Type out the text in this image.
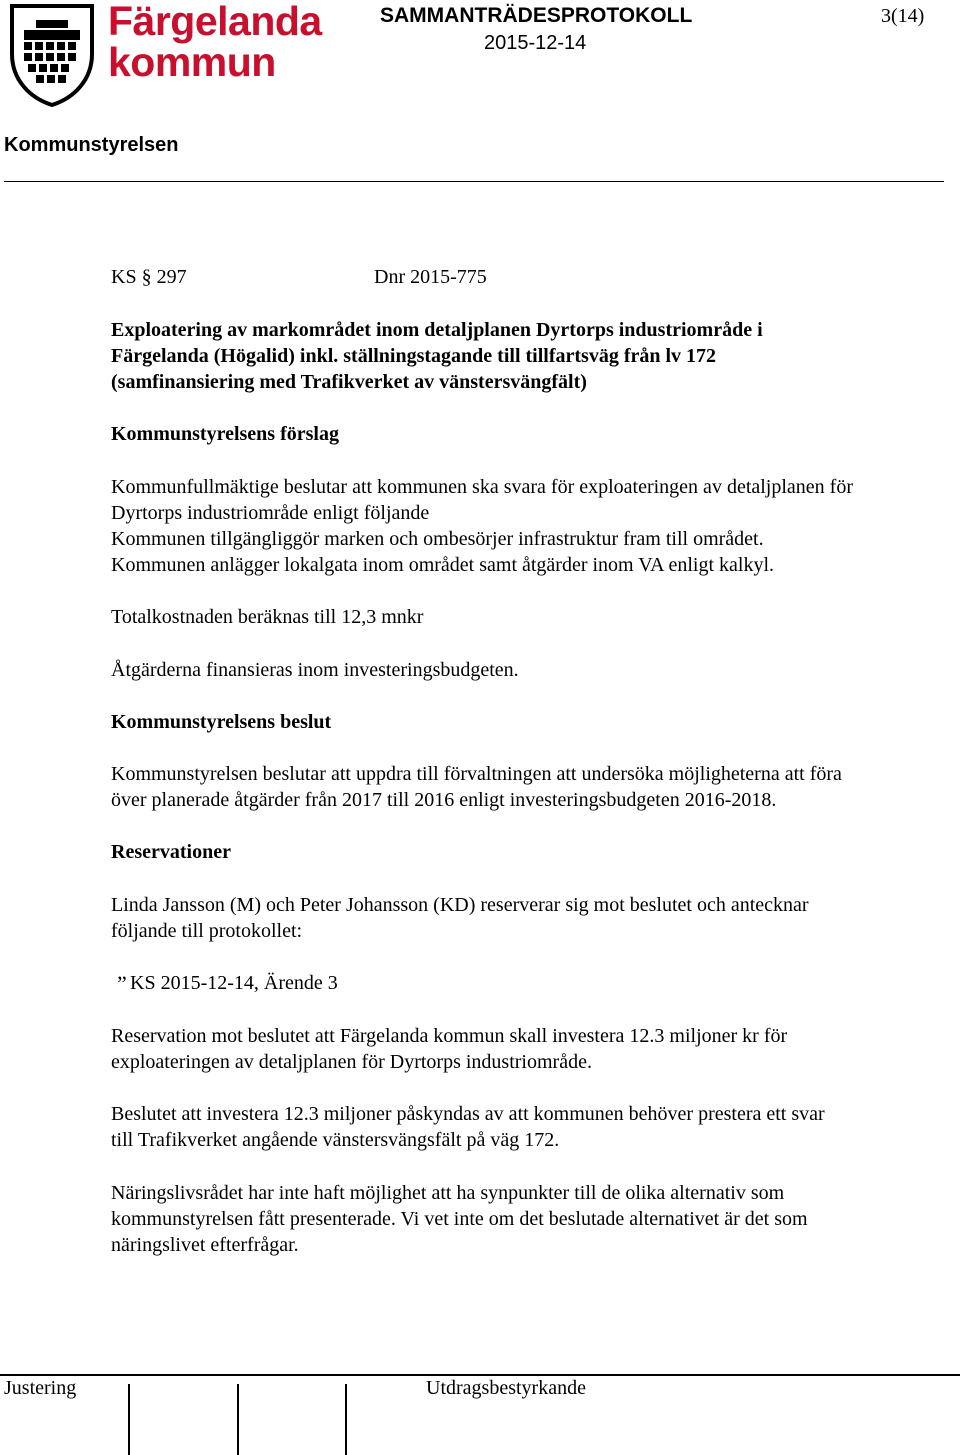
Färgelanda
kommun
SAMMANTRÄDESPROTOKOLL
2015-12-14
3(14)
Kommunstyrelsen
KS § 297	Dnr 2015-775
Exploatering av markområdet inom detaljplanen Dyrtorps industriområde i
Färgelanda (Högalid) inkl. ställningstagande till tillfartsväg från lv 172
(samfinansiering med Trafikverket av vänstersvängfält)
Kommunstyrelsens förslag
Kommunfullmäktige beslutar att kommunen ska svara för exploateringen av detaljplanen för
Dyrtorps industriområde enligt följande
Kommunen tillgängliggör marken och ombesörjer infrastruktur fram till området.
Kommunen anlägger lokalgata inom området samt åtgärder inom VA enligt kalkyl.
Totalkostnaden beräknas till 12,3 mnkr
Åtgärderna finansieras inom investeringsbudgeten.
Kommunstyrelsens beslut
Kommunstyrelsen beslutar att uppdra till förvaltningen att undersöka möjligheterna att föra
över planerade åtgärder från 2017 till 2016 enligt investeringsbudgeten 2016-2018.
Reservationer
Linda Jansson (M) och Peter Johansson (KD) reserverar sig mot beslutet och antecknar
följande till protokollet:
” KS 2015-12-14, Ärende 3
Reservation mot beslutet att Färgelanda kommun skall investera 12.3 miljoner kr för
exploateringen av detaljplanen för Dyrtorps industriområde.
Beslutet att investera 12.3 miljoner påskyndas av att kommunen behöver prestera ett svar
till Trafikverket angående vänstersvängsfält på väg 172.
Näringslivsrådet har inte haft möjlighet att ha synpunkter till de olika alternativ som
kommunstyrelsen fått presenterade. Vi vet inte om det beslutade alternativet är det som
näringslivet efterfrågar.
Justering	Utdragsbestyrkande
